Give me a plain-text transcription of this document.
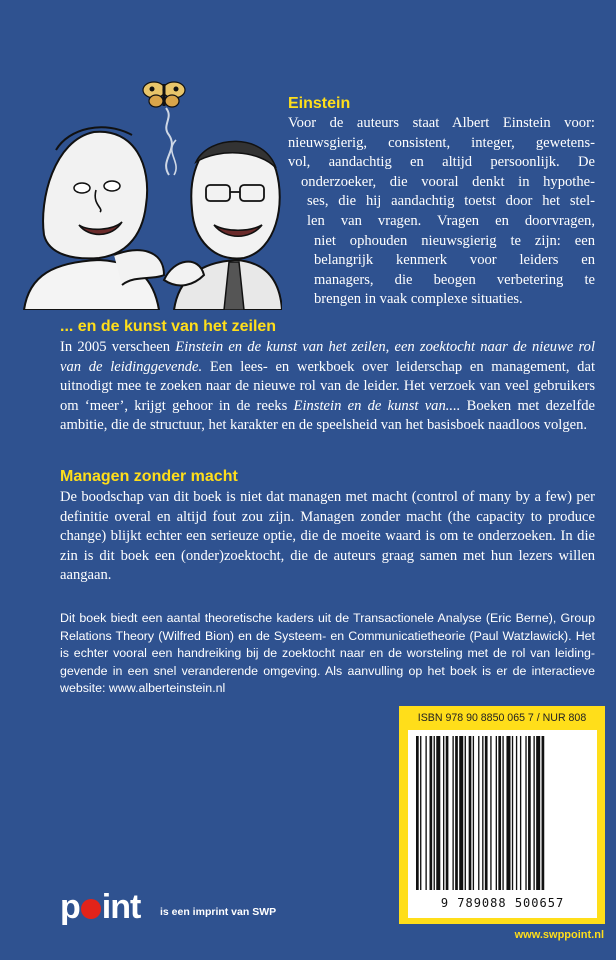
Einstein
Voor de auteurs staat Albert Einstein voor:
nieuwsgierig, consistent, integer, gewetens-
vol, aandachtig en altijd persoonlijk. De
onderzoeker, die vooral denkt in hypothe-
ses, die hij aandachtig toetst door het stel-
len van vragen. Vragen en doorvragen,
niet ophouden nieuwsgierig te zijn: een
belangrijk kenmerk voor leiders en
managers, die beogen verbetering te
brengen in vaak complexe situaties.
... en de kunst van het zeilen
In 2005 verscheen Einstein en de kunst van het zeilen, een zoektocht naar de nieuwe rol van de leidinggevende. Een lees- en werkboek over leiderschap en management, dat uitnodigt mee te zoeken naar de nieuwe rol van de leider. Het verzoek van veel gebruikers om ‘meer’, krijgt gehoor in de reeks Einstein en de kunst van.... Boeken met dezelfde ambitie, die de structuur, het karakter en de speelsheid van het basisboek naadloos volgen.
Managen zonder macht
De boodschap van dit boek is niet dat managen met macht (control of many by a few) per definitie overal en altijd fout zou zijn. Managen zonder macht (the capacity to produce change) blijkt echter een serieuze optie, die de moeite waard is om te onderzoeken. In die zin is dit boek een (onder)zoektocht, die de auteurs graag samen met hun lezers willen aangaan.
Dit boek biedt een aantal theoretische kaders uit de Transactionele Analyse (Eric Berne), Group Relations Theory (Wilfred Bion) en de Systeem- en Communicatietheorie (Paul Watzlawick). Het is echter vooral een handreiking bij de zoektocht naar en de worsteling met de rol van leidinggevende in een snel veranderende omgeving. Als aanvulling op het boek is er de interactieve website: www.alberteinstein.nl
ISBN 978 90 8850 065 7 / NUR 808
9 789088 500657
p int is een imprint van SWP
www.swppoint.nl
